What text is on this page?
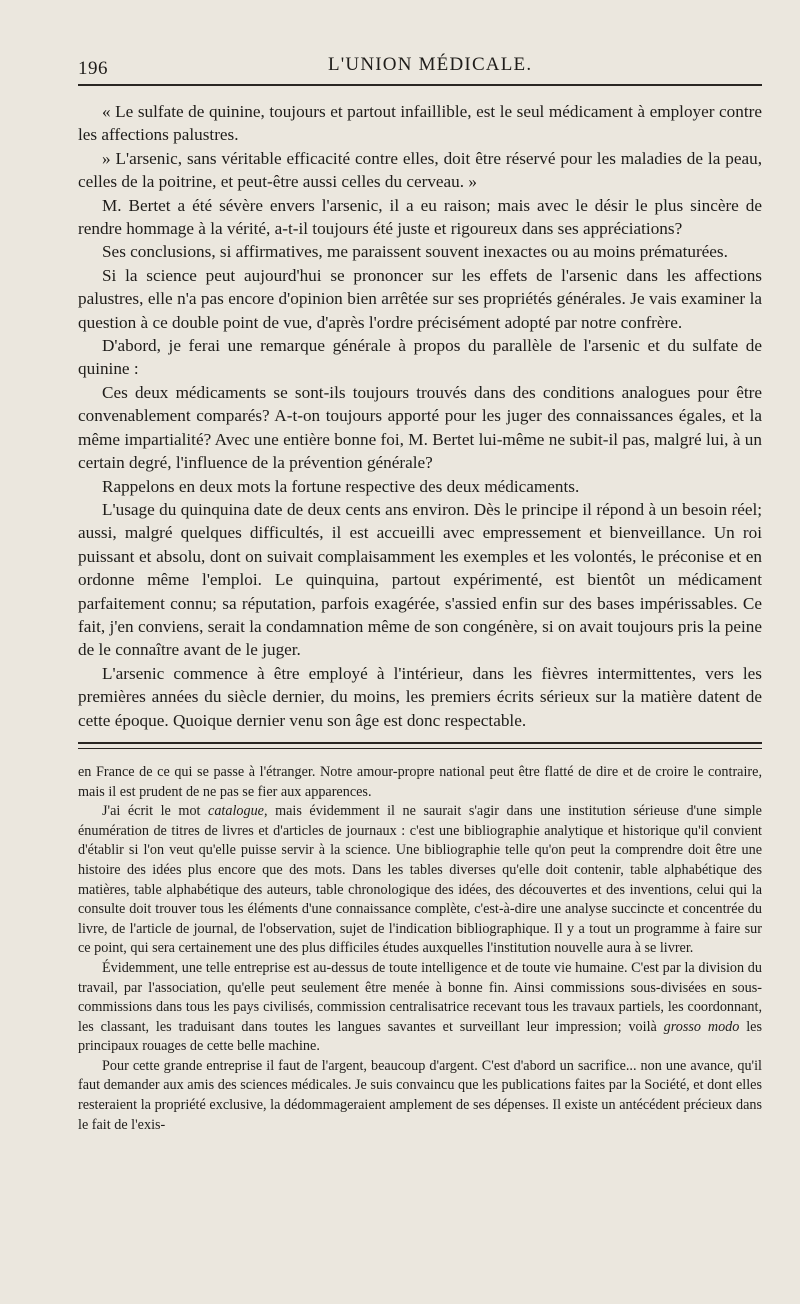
196	L'UNION MÉDICALE.

« Le sulfate de quinine, toujours et partout infaillible, est le seul médicament à employer contre les affections palustres.

» L'arsenic, sans véritable efficacité contre elles, doit être réservé pour les maladies de la peau, celles de la poitrine, et peut-être aussi celles du cerveau. »

M. Bertet a été sévère envers l'arsenic, il a eu raison; mais avec le désir le plus sincère de rendre hommage à la vérité, a-t-il toujours été juste et rigoureux dans ses appréciations?

Ses conclusions, si affirmatives, me paraissent souvent inexactes ou au moins prématurées.

Si la science peut aujourd'hui se prononcer sur les effets de l'arsenic dans les affections palustres, elle n'a pas encore d'opinion bien arrêtée sur ses propriétés générales. Je vais examiner la question à ce double point de vue, d'après l'ordre précisément adopté par notre confrère.

D'abord, je ferai une remarque générale à propos du parallèle de l'arsenic et du sulfate de quinine :

Ces deux médicaments se sont-ils toujours trouvés dans des conditions analogues pour être convenablement comparés? A-t-on toujours apporté pour les juger des connaissances égales, et la même impartialité? Avec une entière bonne foi, M. Bertet lui-même ne subit-il pas, malgré lui, à un certain degré, l'influence de la prévention générale?

Rappelons en deux mots la fortune respective des deux médicaments.

L'usage du quinquina date de deux cents ans environ. Dès le principe il répond à un besoin réel; aussi, malgré quelques difficultés, il est accueilli avec empressement et bienveillance. Un roi puissant et absolu, dont on suivait complaisamment les exemples et les volontés, le préconise et en ordonne même l'emploi. Le quinquina, partout expérimenté, est bientôt un médicament parfaitement connu; sa réputation, parfois exagérée, s'assied enfin sur des bases impérissables. Ce fait, j'en conviens, serait la condamnation même de son congénère, si on avait toujours pris la peine de le connaître avant de le juger.

L'arsenic commence à être employé à l'intérieur, dans les fièvres intermittentes, vers les premières années du siècle dernier, du moins, les premiers écrits sérieux sur la matière datent de cette époque. Quoique dernier venu son âge est donc respectable.

en France de ce qui se passe à l'étranger. Notre amour-propre national peut être flatté de dire et de croire le contraire, mais il est prudent de ne pas se fier aux apparences.

J'ai écrit le mot catalogue, mais évidemment il ne saurait s'agir dans une institution sérieuse d'une simple énumération de titres de livres et d'articles de journaux : c'est une bibliographie analytique et historique qu'il convient d'établir si l'on veut qu'elle puisse servir à la science. Une bibliographie telle qu'on peut la comprendre doit être une histoire des idées plus encore que des mots. Dans les tables diverses qu'elle doit contenir, table alphabétique des matières, table alphabétique des auteurs, table chronologique des idées, des découvertes et des inventions, celui qui la consulte doit trouver tous les éléments d'une connaissance complète, c'est-à-dire une analyse succincte et concentrée du livre, de l'article de journal, de l'observation, sujet de l'indication bibliographique. Il y a tout un programme à faire sur ce point, qui sera certainement une des plus difficiles études auxquelles l'institution nouvelle aura à se livrer.

Évidemment, une telle entreprise est au-dessus de toute intelligence et de toute vie humaine. C'est par la division du travail, par l'association, qu'elle peut seulement être menée à bonne fin. Ainsi commissions sous-divisées en sous-commissions dans tous les pays civilisés, commission centralisatrice recevant tous les travaux partiels, les coordonnant, les classant, les traduisant dans toutes les langues savantes et surveillant leur impression; voilà grosso modo les principaux rouages de cette belle machine.

Pour cette grande entreprise il faut de l'argent, beaucoup d'argent. C'est d'abord un sacrifice... non une avance, qu'il faut demander aux amis des sciences médicales. Je suis convaincu que les publications faites par la Société, et dont elles resteraient la propriété exclusive, la dédommageraient amplement de ses dépenses. Il existe un antécédent précieux dans le fait de l'exis-
